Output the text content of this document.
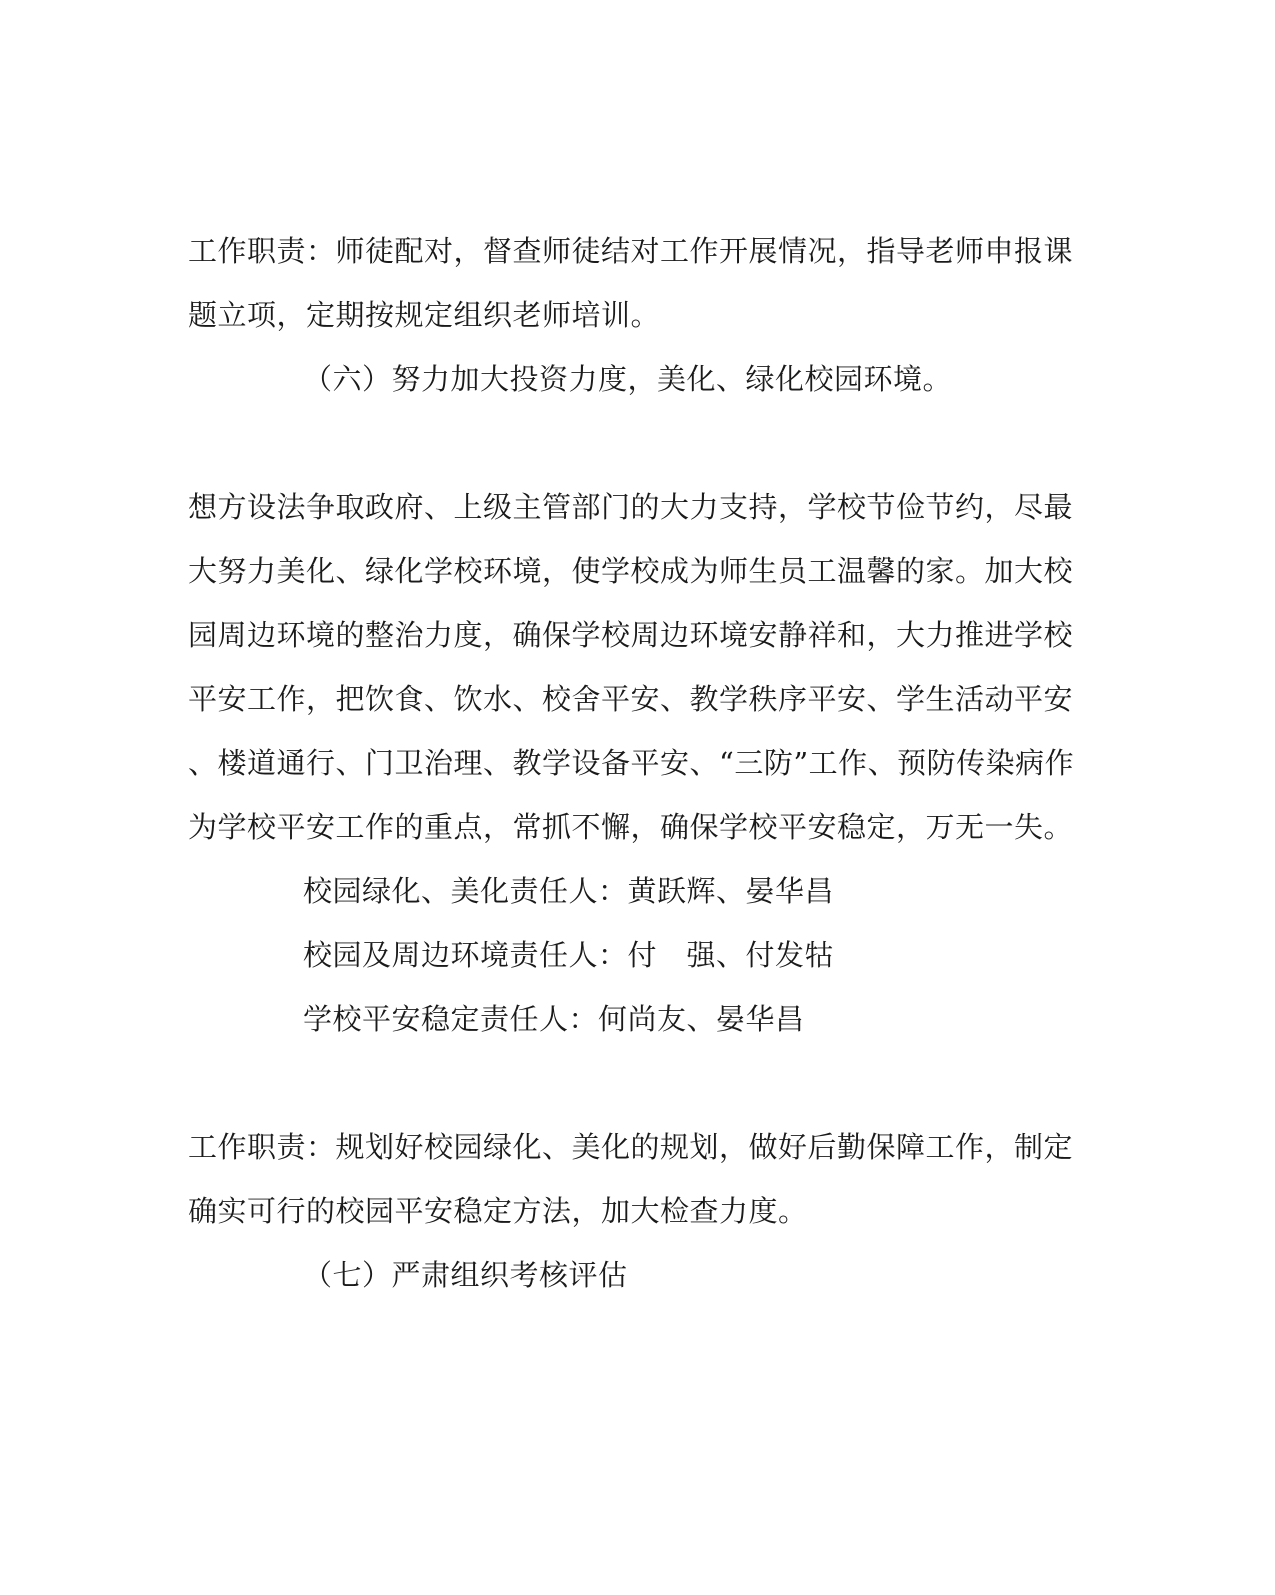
工作职责：师徒配对，督查师徒结对工作开展情况，指导老师申报课
题立项，定期按规定组织老师培训。
（六）努力加大投资力度，美化、绿化校园环境。
想方设法争取政府、上级主管部门的大力支持，学校节俭节约，尽最
大努力美化、绿化学校环境，使学校成为师生员工温馨的家。加大校
园周边环境的整治力度，确保学校周边环境安静祥和，大力推进学校
平安工作，把饮食、饮水、校舍平安、教学秩序平安、学生活动平安
、楼道通行、门卫治理、教学设备平安、“三防”工作、预防传染病作
为学校平安工作的重点，常抓不懈，确保学校平安稳定，万无一失。
校园绿化、美化责任人：黄跃辉、晏华昌
校园及周边环境责任人：付　强、付发牯
学校平安稳定责任人：何尚友、晏华昌
工作职责：规划好校园绿化、美化的规划，做好后勤保障工作，制定
确实可行的校园平安稳定方法，加大检查力度。
（七）严肃组织考核评估
